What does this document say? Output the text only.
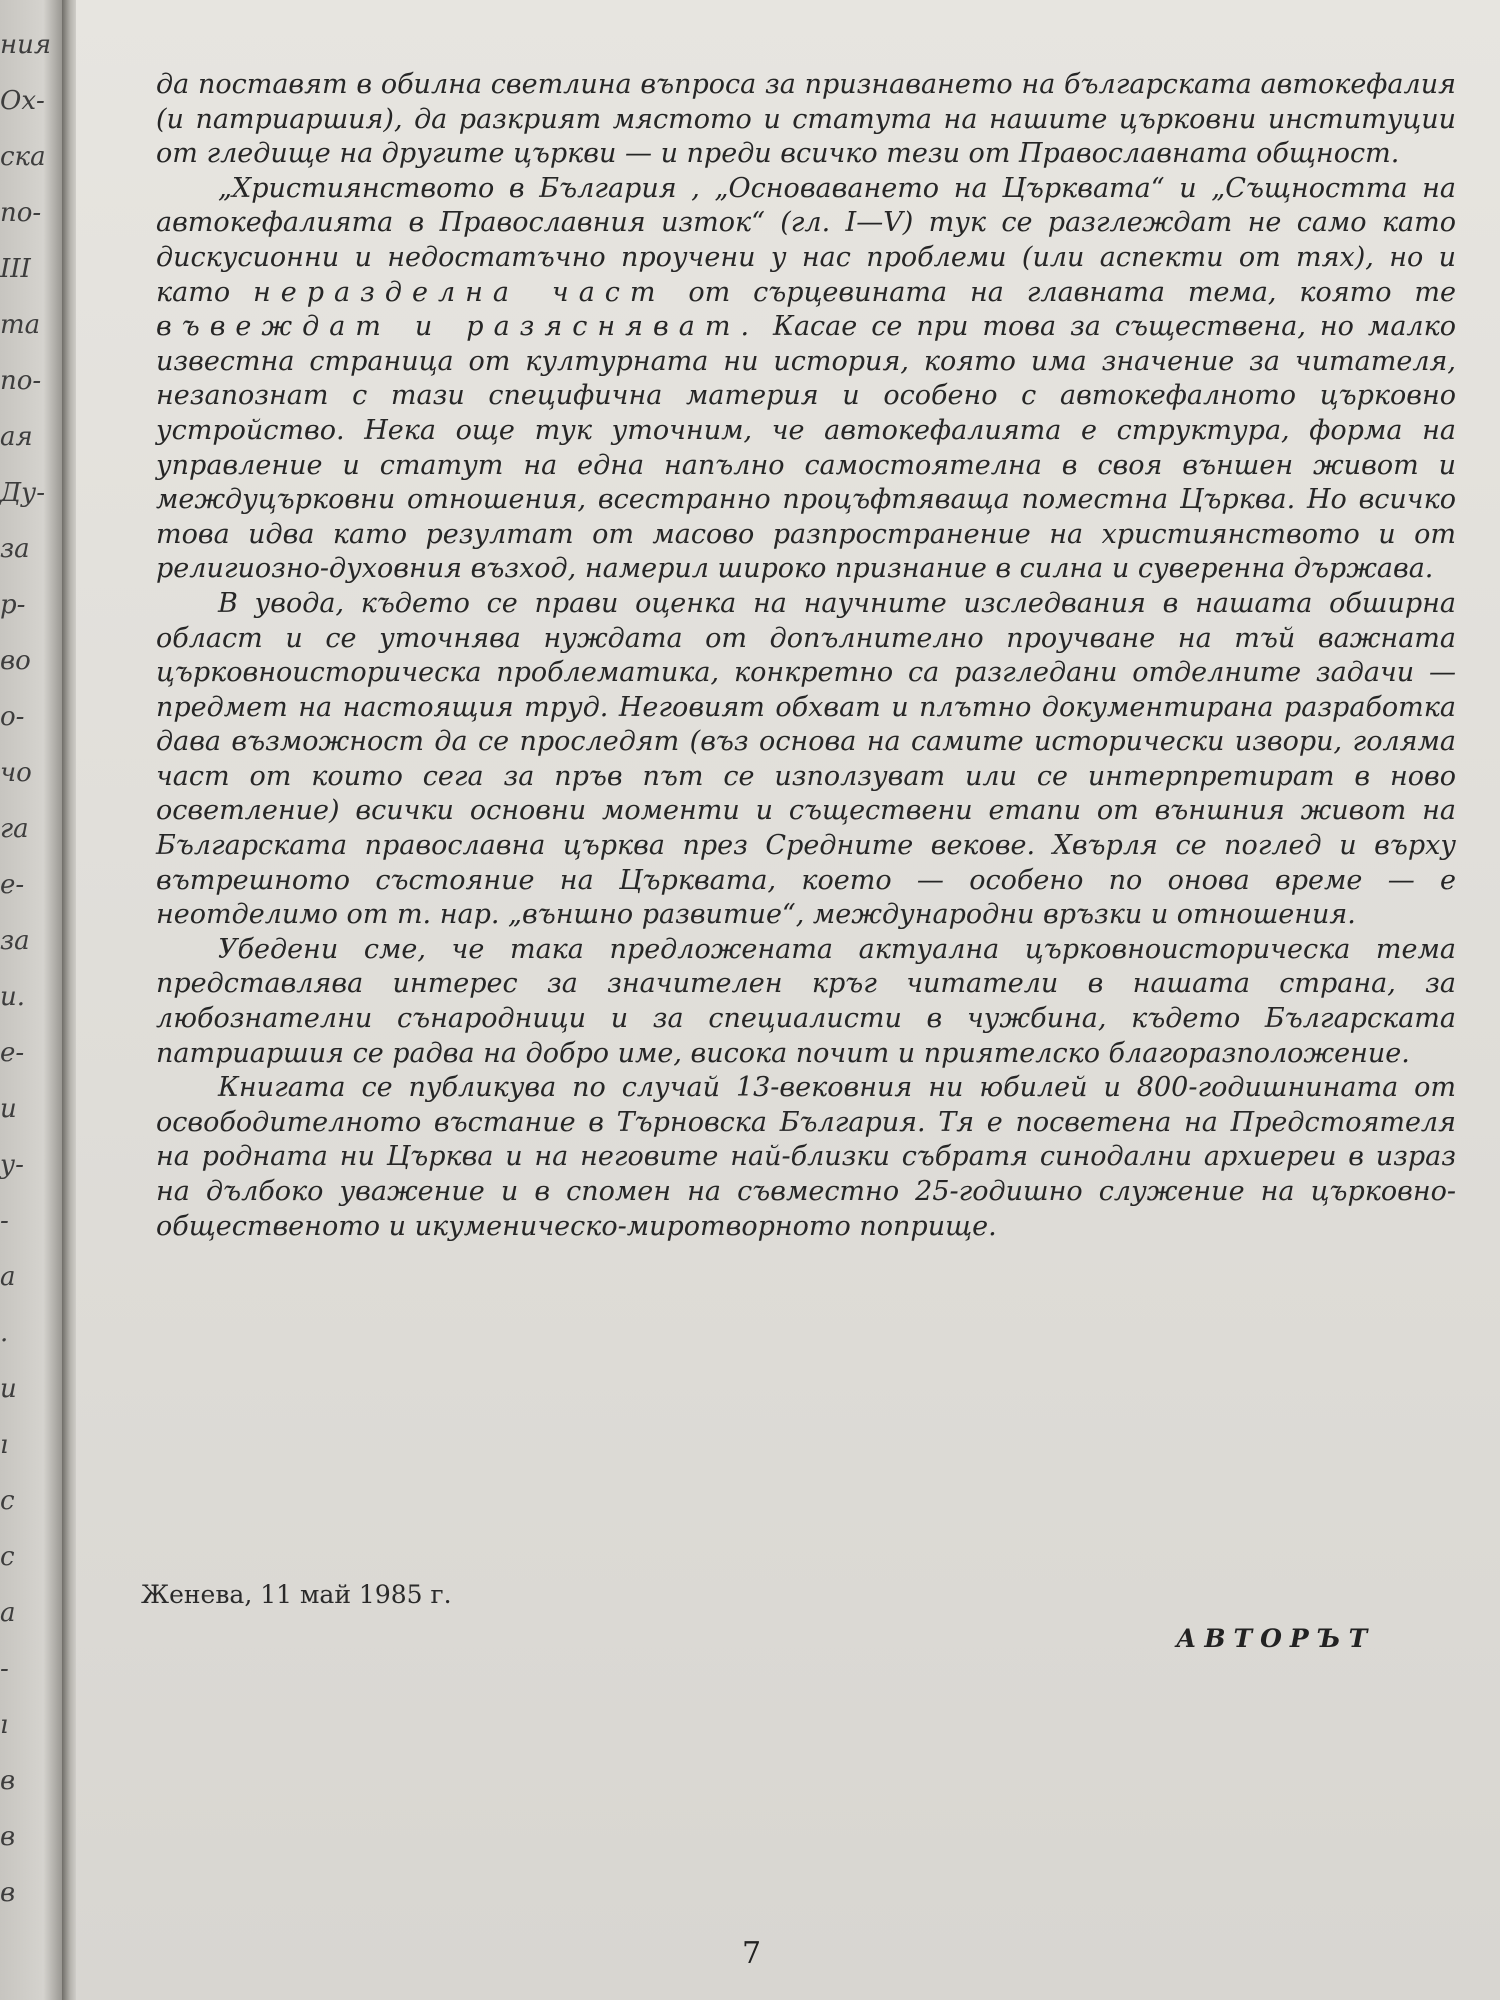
ния
Ох-
ска
по-
III
та
по-
ая
Ду-
за
р-
во
о-
чо
га
е-
за
и.
е-
и
у-
-
а
.
и
ı
с
с
а
-
ı
в
в
в

да поставят в обилна светлина въпроса за признаването на българската автокефалия (и патриаршия), да разкрият мястото и статута на нашите църковни институции от гледище на другите църкви — и преди всичко тези от Православната общност.

„Християнството в България , „Основаването на Църквата“ и „Същността на автокефалията в Православния изток“ (гл. I—V) тук се разглеждат не само като дискусионни и недостатъчно проучени у нас проблеми (или аспекти от тях), но и като неразделна част от сърцевината на главната тема, която те въвеждат и разясняват. Касае се при това за съществена, но малко известна страница от културната ни история, която има значение за читателя, незапознат с тази специфична материя и особено с автокефалното църковно устройство. Нека още тук уточним, че автокефалията е структура, форма на управление и статут на една напълно самостоятелна в своя външен живот и междуцърковни отношения, всестранно процъфтяваща поместна Църква. Но всичко това идва като резултат от масово разпространение на християнството и от религиозно-духовния възход, намерил широко признание в силна и суверенна държава.

В увода, където се прави оценка на научните изследвания в нашата обширна област и се уточнява нуждата от допълнително проучване на тъй важната църковноисторическа проблематика, конкретно са разгледани отделните задачи — предмет на настоящия труд. Неговият обхват и плътно документирана разработка дава възможност да се проследят (въз основа на самите исторически извори, голяма част от които сега за пръв път се използуват или се интерпретират в ново осветление) всички основни моменти и съществени етапи от външния живот на Българската православна църква през Средните векове. Хвърля се поглед и върху вътрешното състояние на Църквата, което — особено по онова време — е неотделимо от т. нар. „външно развитие“, международни връзки и отношения.

Убедени сме, че така предложената актуална църковноисторическа тема представлява интерес за значителен кръг читатели в нашата страна, за любознателни сънародници и за специалисти в чужбина, където Българската патриаршия се радва на добро име, висока почит и приятелско благоразположение.

Книгата се публикува по случай 13-вековния ни юбилей и 800-годишнината от освободителното въстание в Търновска България. Тя е посветена на Предстоятеля на родната ни Църква и на неговите най-близки събратя синодални архиереи в израз на дълбоко уважение и в спомен на съвместно 25-годишно служение на църковно-общественото и икуменическо-миротворното поприще.

Женева, 11 май 1985 г.
АВТОРЪТ
7
